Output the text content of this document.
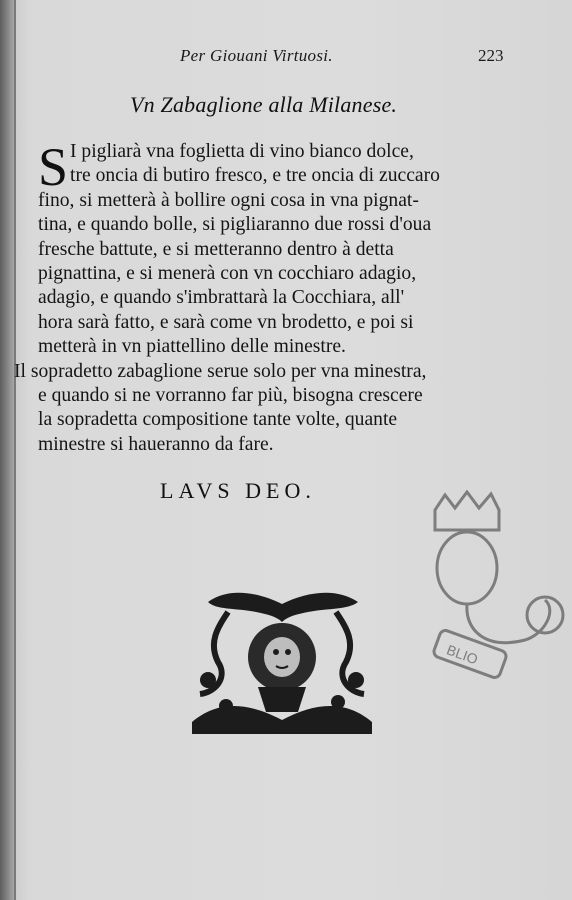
Per Giouani Virtuosi.	223
Vn Zabaglione alla Milanese.
S I pigliarà vna foglietta di vino bianco dolce,
tre oncia di butiro fresco, e tre oncia di zuccaro
fino, si metterà à bollire ogni cosa in vna pignat-
tina, e quando bolle, si pigliaranno due rossi d'oua
fresche battute, e si metteranno dentro à detta
pignattina, e si menerà con vn cocchiaro adagio,
adagio, e quando s'imbrattarà la Cocchiara, all'
hora sarà fatto, e sarà come vn brodetto, e poi si
metterà in vn piattellino delle minestre.
Il sopradetto zabaglione serue solo per vna minestra,
e quando si ne vorranno far più, bisogna crescere
la sopradetta compositione tante volte, quante
minestre si haueranno da fare.
LAVS DEO.
BLIO
